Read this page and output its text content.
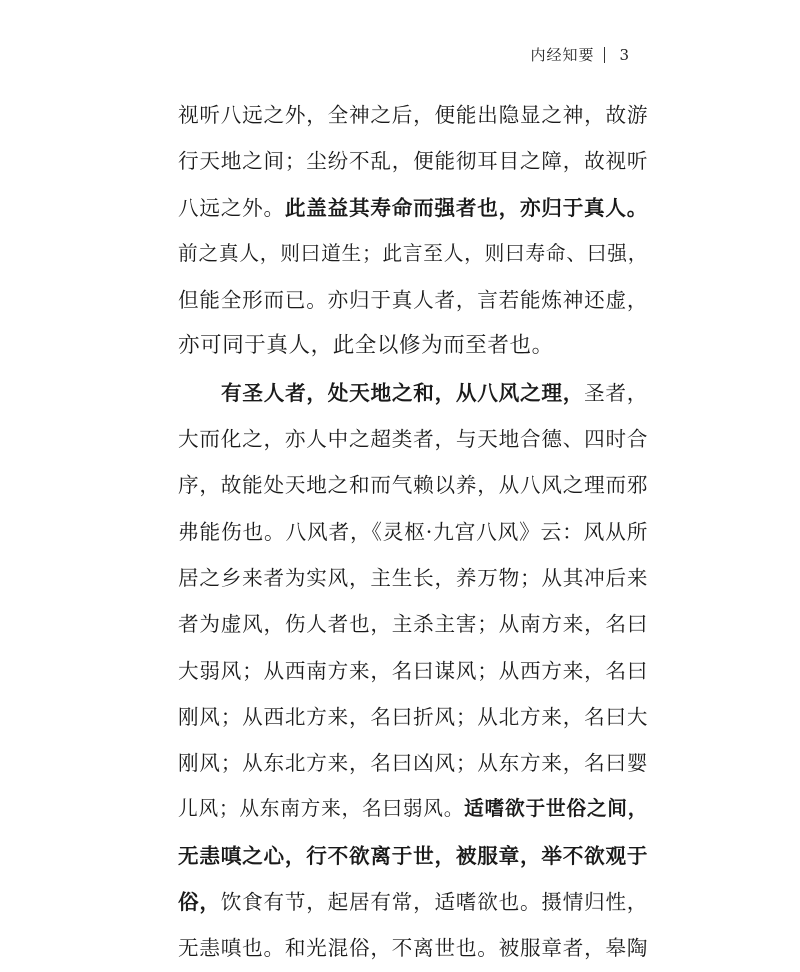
内经知要 3
视听八远之外，全神之后，便能出隐显之神，故游
行天地之间；尘纷不乱，便能彻耳目之障，故视听
八远之外。此盖益其寿命而强者也，亦归于真人。
前之真人，则曰道生；此言至人，则曰寿命、曰强，
但能全形而已。亦归于真人者，言若能炼神还虚，
亦可同于真人，此全以修为而至者也。
有圣人者，处天地之和，从八风之理，圣者，
大而化之，亦人中之超类者，与天地合德、四时合
序，故能处天地之和而气赖以养，从八风之理而邪
弗能伤也。八风者，《灵枢·九宫八风》云：风从所
居之乡来者为实风，主生长，养万物；从其冲后来
者为虚风，伤人者也，主杀主害；从南方来，名曰
大弱风；从西南方来，名曰谋风；从西方来，名曰
刚风；从西北方来，名曰折风；从北方来，名曰大
刚风；从东北方来，名曰凶风；从东方来，名曰婴
儿风；从东南方来，名曰弱风。适嗜欲于世俗之间，
无恚嗔之心，行不欲离于世，被服章，举不欲观于
俗，饮食有节，起居有常，适嗜欲也。摄情归性，
无恚嗔也。和光混俗，不离世也。被服章者，皋陶
